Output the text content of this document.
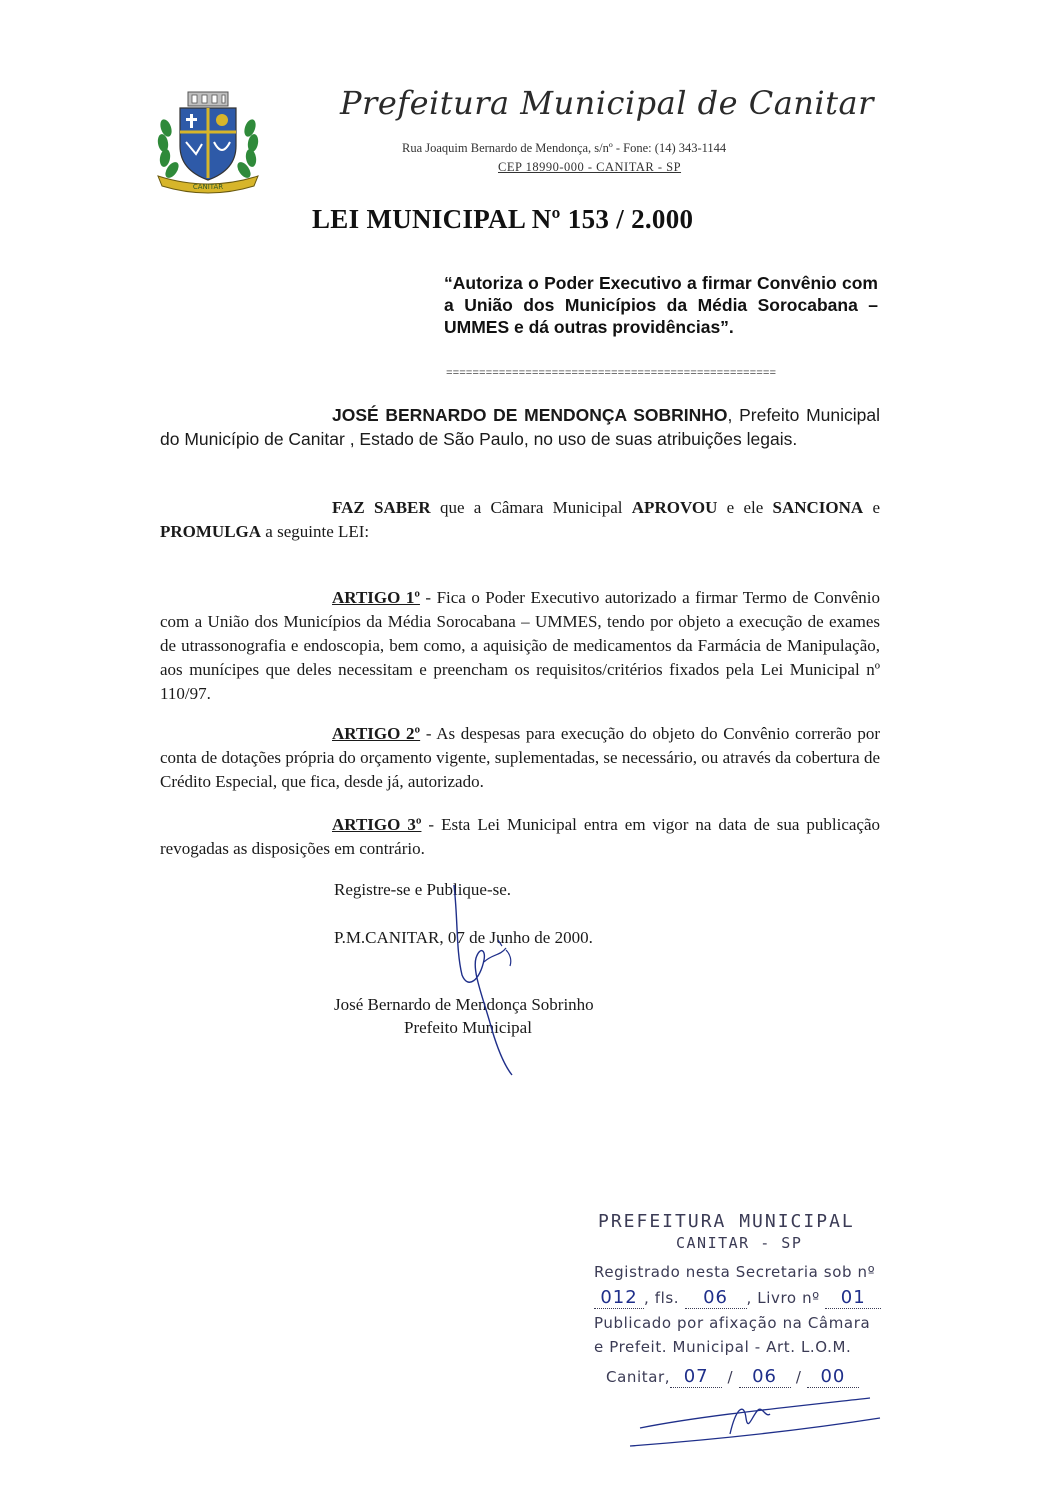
CANITAR
Prefeitura Municipal de Canitar
Rua Joaquim Bernardo de Mendonça, s/nº - Fone: (14) 343-1144
CEP 18990-000 - CANITAR - SP
LEI MUNICIPAL Nº 153 / 2.000
“Autoriza o Poder Executivo a firmar Convênio com a União dos Municípios da Média Sorocabana – UMMES e dá outras providências”.
==================================================
JOSÉ BERNARDO DE MENDONÇA SOBRINHO, Prefeito Municipal do Município de Canitar , Estado de São Paulo, no uso de suas atribuições legais.
FAZ SABER que a Câmara Municipal APROVOU e ele SANCIONA e PROMULGA a seguinte LEI:
ARTIGO 1º - Fica o Poder Executivo autorizado a firmar Termo de Convênio com a União dos Municípios da Média Sorocabana – UMMES, tendo por objeto a execução de exames de utrassonografia e endoscopia, bem como, a aquisição de medicamentos da Farmácia de Manipulação, aos munícipes que deles necessitam e preencham os requisitos/critérios fixados pela Lei Municipal nº 110/97.
ARTIGO 2º - As despesas para execução do objeto do Convênio correrão por conta de dotações própria do orçamento vigente, suplementadas, se necessário, ou através da cobertura de Crédito Especial, que fica, desde já, autorizado.
ARTIGO 3º - Esta Lei Municipal entra em vigor na data de sua publicação revogadas as disposições em contrário.
Registre-se e Publique-se.
P.M.CANITAR, 07 de Junho de 2000.
José Bernardo de Mendonça Sobrinho
Prefeito Municipal
PREFEITURA MUNICIPAL
CANITAR - SP
Registrado nesta Secretaria sob nº
012 , fls. 06 , Livro nº 01
Publicado por afixação na Câmara
e Prefeit. Municipal - Art. L.O.M.
Canitar, 07 / 06 / 00
